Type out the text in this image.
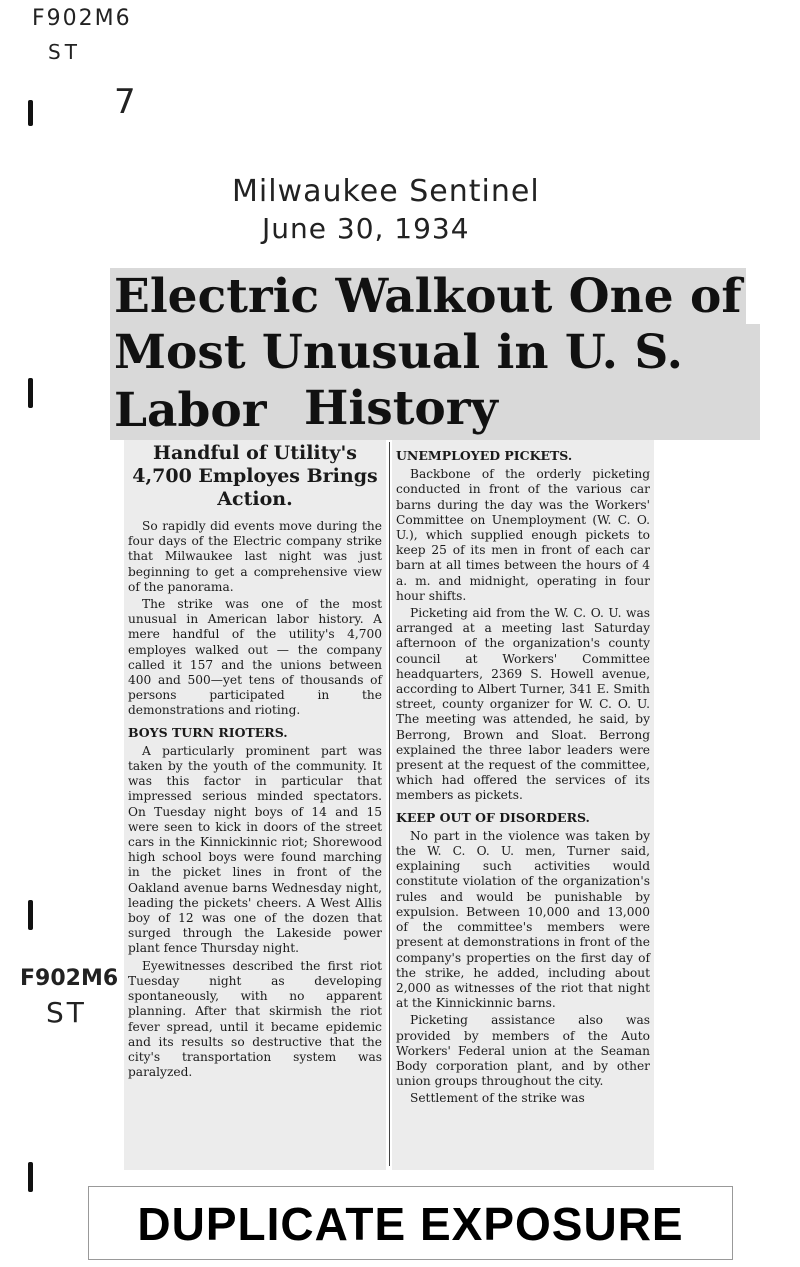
F902M6
ST
7
Milwaukee Sentinel
June 30, 1934
F902M6
ST
Electric Walkout One of
Most Unusual in U. S. Labor History
Handful of Utility's 4,700 Employes Brings Action.

So rapidly did events move during the four days of the Electric company strike that Milwaukee last night was just beginning to get a comprehensive view of the panorama.

The strike was one of the most unusual in American labor history. A mere handful of the utility's 4,700 employes walked out — the company called it 157 and the unions between 400 and 500—yet tens of thousands of persons participated in the demonstrations and rioting.

BOYS TURN RIOTERS.

A particularly prominent part was taken by the youth of the community. It was this factor in particular that impressed serious minded spectators. On Tuesday night boys of 14 and 15 were seen to kick in doors of the street cars in the Kinnickinnic riot; Shorewood high school boys were found marching in the picket lines in front of the Oakland avenue barns Wednesday night, leading the pickets' cheers. A West Allis boy of 12 was one of the dozen that surged through the Lakeside power plant fence Thursday night.

Eyewitnesses described the first riot Tuesday night as developing spontaneously, with no apparent planning. After that skirmish the riot fever spread, until it became epidemic and its results so destructive that the city's transportation system was paralyzed.

UNEMPLOYED PICKETS.

Backbone of the orderly picketing conducted in front of the various car barns during the day was the Workers' Committee on Unemployment (W. C. O. U.), which supplied enough pickets to keep 25 of its men in front of each car barn at all times between the hours of 4 a. m. and midnight, operating in four hour shifts.

Picketing aid from the W. C. O. U. was arranged at a meeting last Saturday afternoon of the organization's county council at Workers' Committee headquarters, 2369 S. Howell avenue, according to Albert Turner, 341 E. Smith street, county organizer for W. C. O. U. The meeting was attended, he said, by Berrong, Brown and Sloat. Berrong explained the three labor leaders were present at the request of the committee, which had offered the services of its members as pickets.

KEEP OUT OF DISORDERS.

No part in the violence was taken by the W. C. O. U. men, Turner said, explaining such activities would constitute violation of the organization's rules and would be punishable by expulsion. Between 10,000 and 13,000 of the committee's members were present at demonstrations in front of the company's properties on the first day of the strike, he added, including about 2,000 as witnesses of the riot that night at the Kinnickinnic barns.

Picketing assistance also was provided by members of the Auto Workers' Federal union at the Seaman Body corporation plant, and by other union groups throughout the city.

Settlement of the strike was

DUPLICATE EXPOSURE
